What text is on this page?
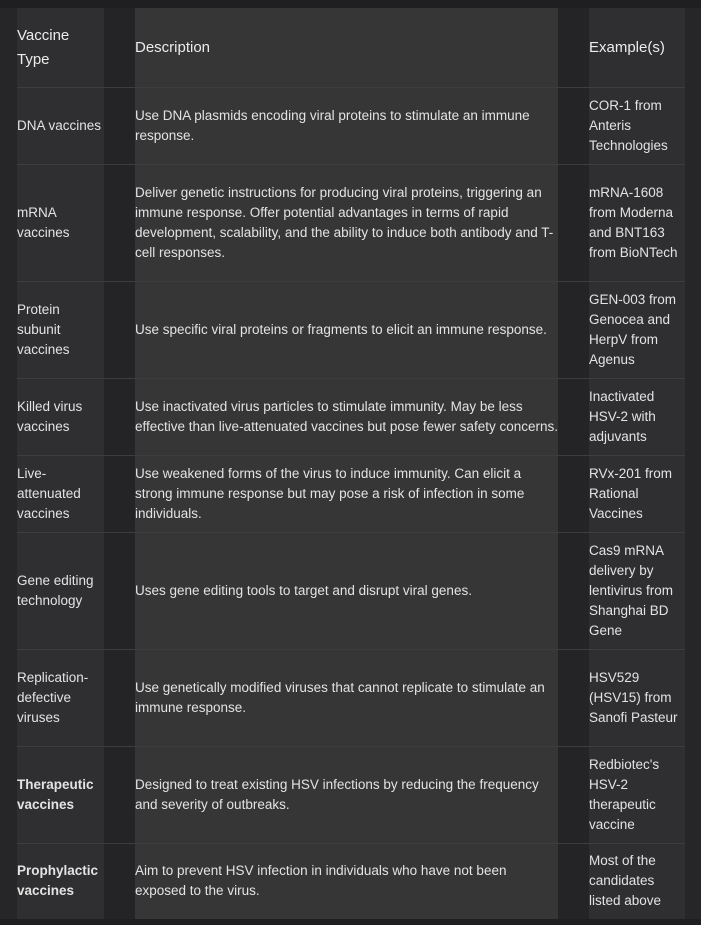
	Vaccine Type		Description		Example(s)	
	DNA vaccines		Use DNA plasmids encoding viral proteins to stimulate an immune response.		COR-1 from Anteris Technologies	
	mRNA vaccines		Deliver genetic instructions for producing viral proteins, triggering an immune response. Offer potential advantages in terms of rapid development, scalability, and the ability to induce both antibody and T-cell responses.		mRNA-1608 from Moderna and BNT163 from BioNTech	
	Protein subunit vaccines		Use specific viral proteins or fragments to elicit an immune response.		GEN-003 from Genocea and HerpV from Agenus	
	Killed virus vaccines		Use inactivated virus particles to stimulate immunity. May be less effective than live-attenuated vaccines but pose fewer safety concerns.		Inactivated HSV-2 with adjuvants	
	Live-attenuated vaccines		Use weakened forms of the virus to induce immunity. Can elicit a strong immune response but may pose a risk of infection in some individuals.		RVx-201 from Rational Vaccines	
	Gene editing technology		Uses gene editing tools to target and disrupt viral genes.		Cas9 mRNA delivery by lentivirus from Shanghai BD Gene	
	Replication-defective viruses		Use genetically modified viruses that cannot replicate to stimulate an immune response.		HSV529 (HSV15) from Sanofi Pasteur	
	Therapeutic vaccines		Designed to treat existing HSV infections by reducing the frequency and severity of outbreaks.		Redbiotec's HSV-2 therapeutic vaccine	
	Prophylactic vaccines		Aim to prevent HSV infection in individuals who have not been exposed to the virus.		Most of the candidates listed above	
